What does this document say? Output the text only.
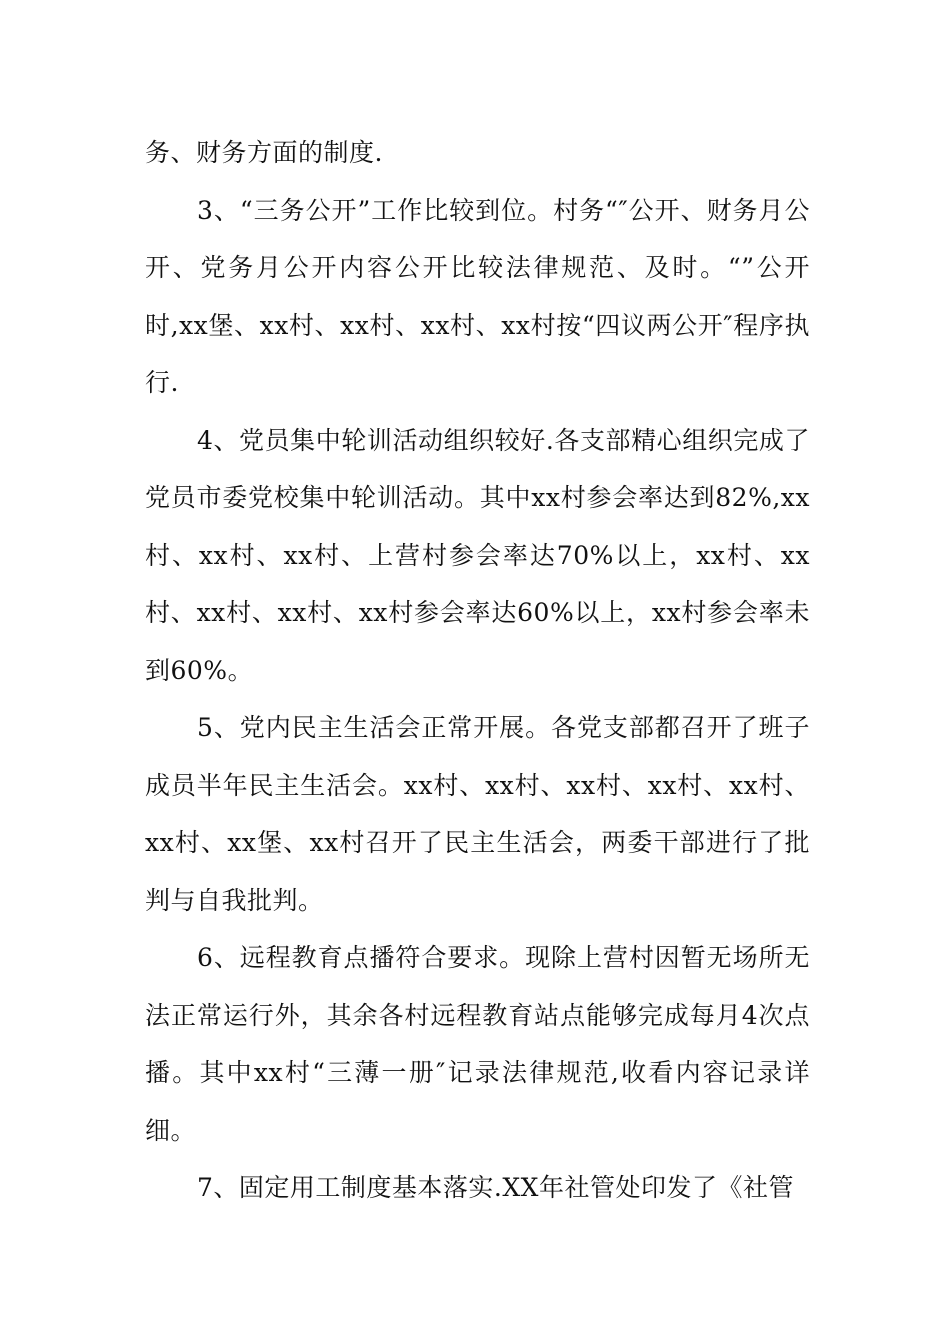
务、财务方面的制度.

3、“三务公开”工作比较到位。村务“″公开、财务月公开、党务月公开内容公开比较法律规范、及时。“”公开时,xx堡、xx村、xx村、xx村、xx村按“四议两公开″程序执行.

4、党员集中轮训活动组织较好.各支部精心组织完成了党员市委党校集中轮训活动。其中xx村参会率达到82%,xx村、xx村、xx村、上营村参会率达70%以上，xx村、xx村、xx村、xx村、xx村参会率达60%以上，xx村参会率未到60%。

5、党内民主生活会正常开展。各党支部都召开了班子成员半年民主生活会。xx村、xx村、xx村、xx村、xx村、xx村、xx堡、xx村召开了民主生活会，两委干部进行了批判与自我批判。

6、远程教育点播符合要求。现除上营村因暂无场所无法正常运行外，其余各村远程教育站点能够完成每月4次点播。其中xx村“三薄一册″记录法律规范,收看内容记录详细。

7、固定用工制度基本落实.XX年社管处印发了《社管
